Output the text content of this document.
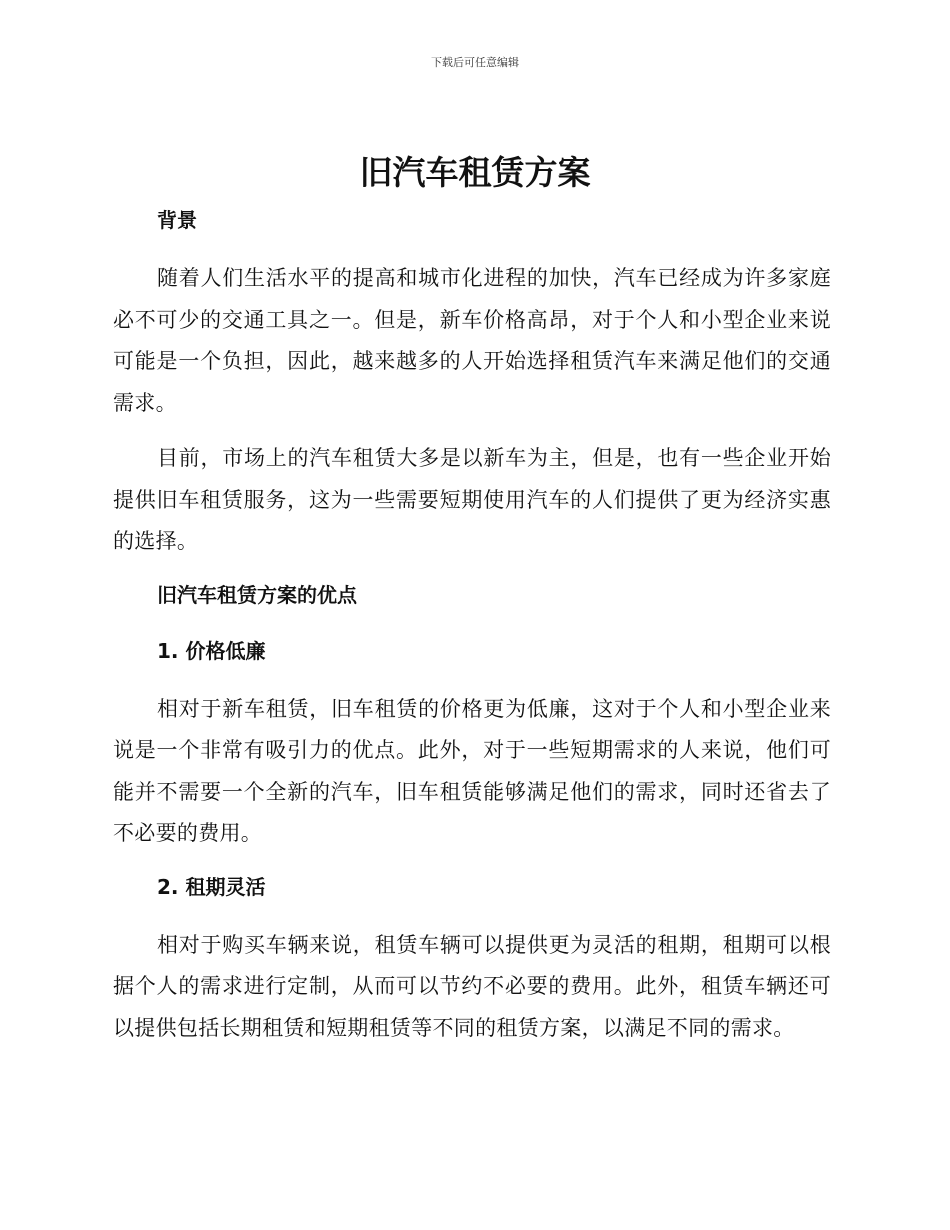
下载后可任意编辑
旧汽车租赁方案
背景

随着人们生活水平的提高和城市化进程的加快，汽车已经成为许多家庭必不可少的交通工具之一。但是，新车价格高昂，对于个人和小型企业来说可能是一个负担，因此，越来越多的人开始选择租赁汽车来满足他们的交通需求。

目前，市场上的汽车租赁大多是以新车为主，但是，也有一些企业开始提供旧车租赁服务，这为一些需要短期使用汽车的人们提供了更为经济实惠的选择。

旧汽车租赁方案的优点
1. 价格低廉

相对于新车租赁，旧车租赁的价格更为低廉，这对于个人和小型企业来说是一个非常有吸引力的优点。此外，对于一些短期需求的人来说，他们可能并不需要一个全新的汽车，旧车租赁能够满足他们的需求，同时还省去了不必要的费用。

2. 租期灵活

相对于购买车辆来说，租赁车辆可以提供更为灵活的租期，租期可以根据个人的需求进行定制，从而可以节约不必要的费用。此外，租赁车辆还可以提供包括长期租赁和短期租赁等不同的租赁方案，以满足不同的需求。
